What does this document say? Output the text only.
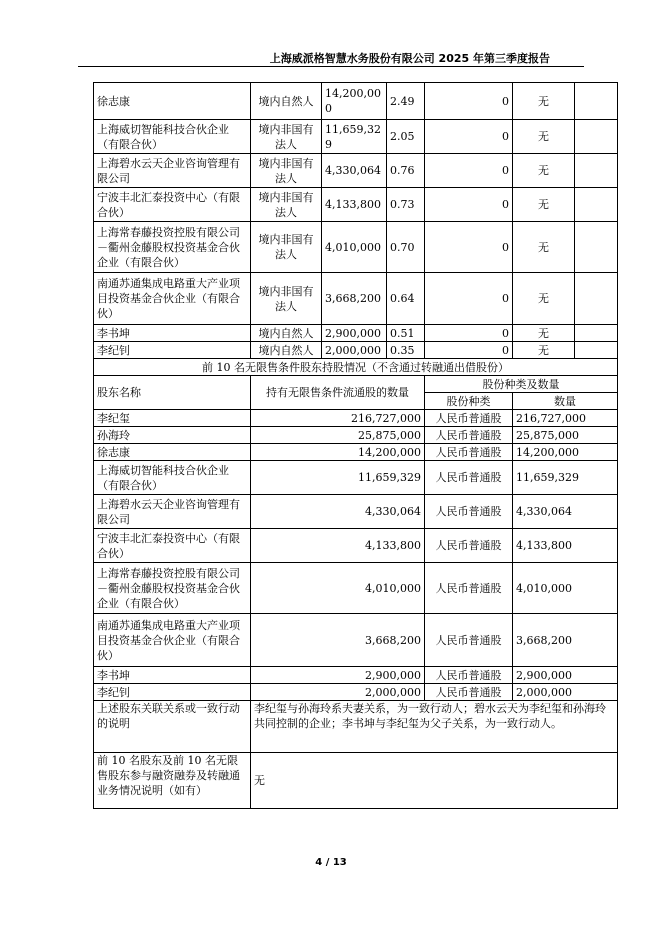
上海威派格智慧水务股份有限公司 2025 年第三季度报告
徐志康	境内自然人	14,200,000	2.49	0	无	
上海威切智能科技合伙企业（有限合伙）	境内非国有法人	11,659,329	2.05	0	无	
上海碧水云天企业咨询管理有限公司	境内非国有法人	4,330,064	0.76	0	无	
宁波丰北汇泰投资中心（有限合伙）	境内非国有法人	4,133,800	0.73	0	无	
上海常春藤投资控股有限公司－衢州金藤股权投资基金合伙企业（有限合伙）	境内非国有法人	4,010,000	0.70	0	无	
南通苏通集成电路重大产业项目投资基金合伙企业（有限合伙）	境内非国有法人	3,668,200	0.64	0	无	
李书坤	境内自然人	2,900,000	0.51	0	无	
李纪钊	境内自然人	2,000,000	0.35	0	无	
前 10 名无限售条件股东持股情况（不含通过转融通出借股份）						
股东名称	持有无限售条件流通股的数量			股份种类及数量		
				股份种类	数量	
李纪玺	216,727,000			人民币普通股	216,727,000	
孙海玲	25,875,000			人民币普通股	25,875,000	
徐志康	14,200,000			人民币普通股	14,200,000	
上海威切智能科技合伙企业（有限合伙）	11,659,329			人民币普通股	11,659,329	
上海碧水云天企业咨询管理有限公司	4,330,064			人民币普通股	4,330,064	
宁波丰北汇泰投资中心（有限合伙）	4,133,800			人民币普通股	4,133,800	
上海常春藤投资控股有限公司－衢州金藤股权投资基金合伙企业（有限合伙）	4,010,000			人民币普通股	4,010,000	
南通苏通集成电路重大产业项目投资基金合伙企业（有限合伙）	3,668,200			人民币普通股	3,668,200	
李书坤	2,900,000			人民币普通股	2,900,000	
李纪钊	2,000,000			人民币普通股	2,000,000	
上述股东关联关系或一致行动的说明	李纪玺与孙海玲系夫妻关系，为一致行动人；碧水云天为李纪玺和孙海玲共同控制的企业；李书坤与李纪玺为父子关系，为一致行动人。					
前 10 名股东及前 10 名无限售股东参与融资融券及转融通业务情况说明（如有）	无					
4 / 13
